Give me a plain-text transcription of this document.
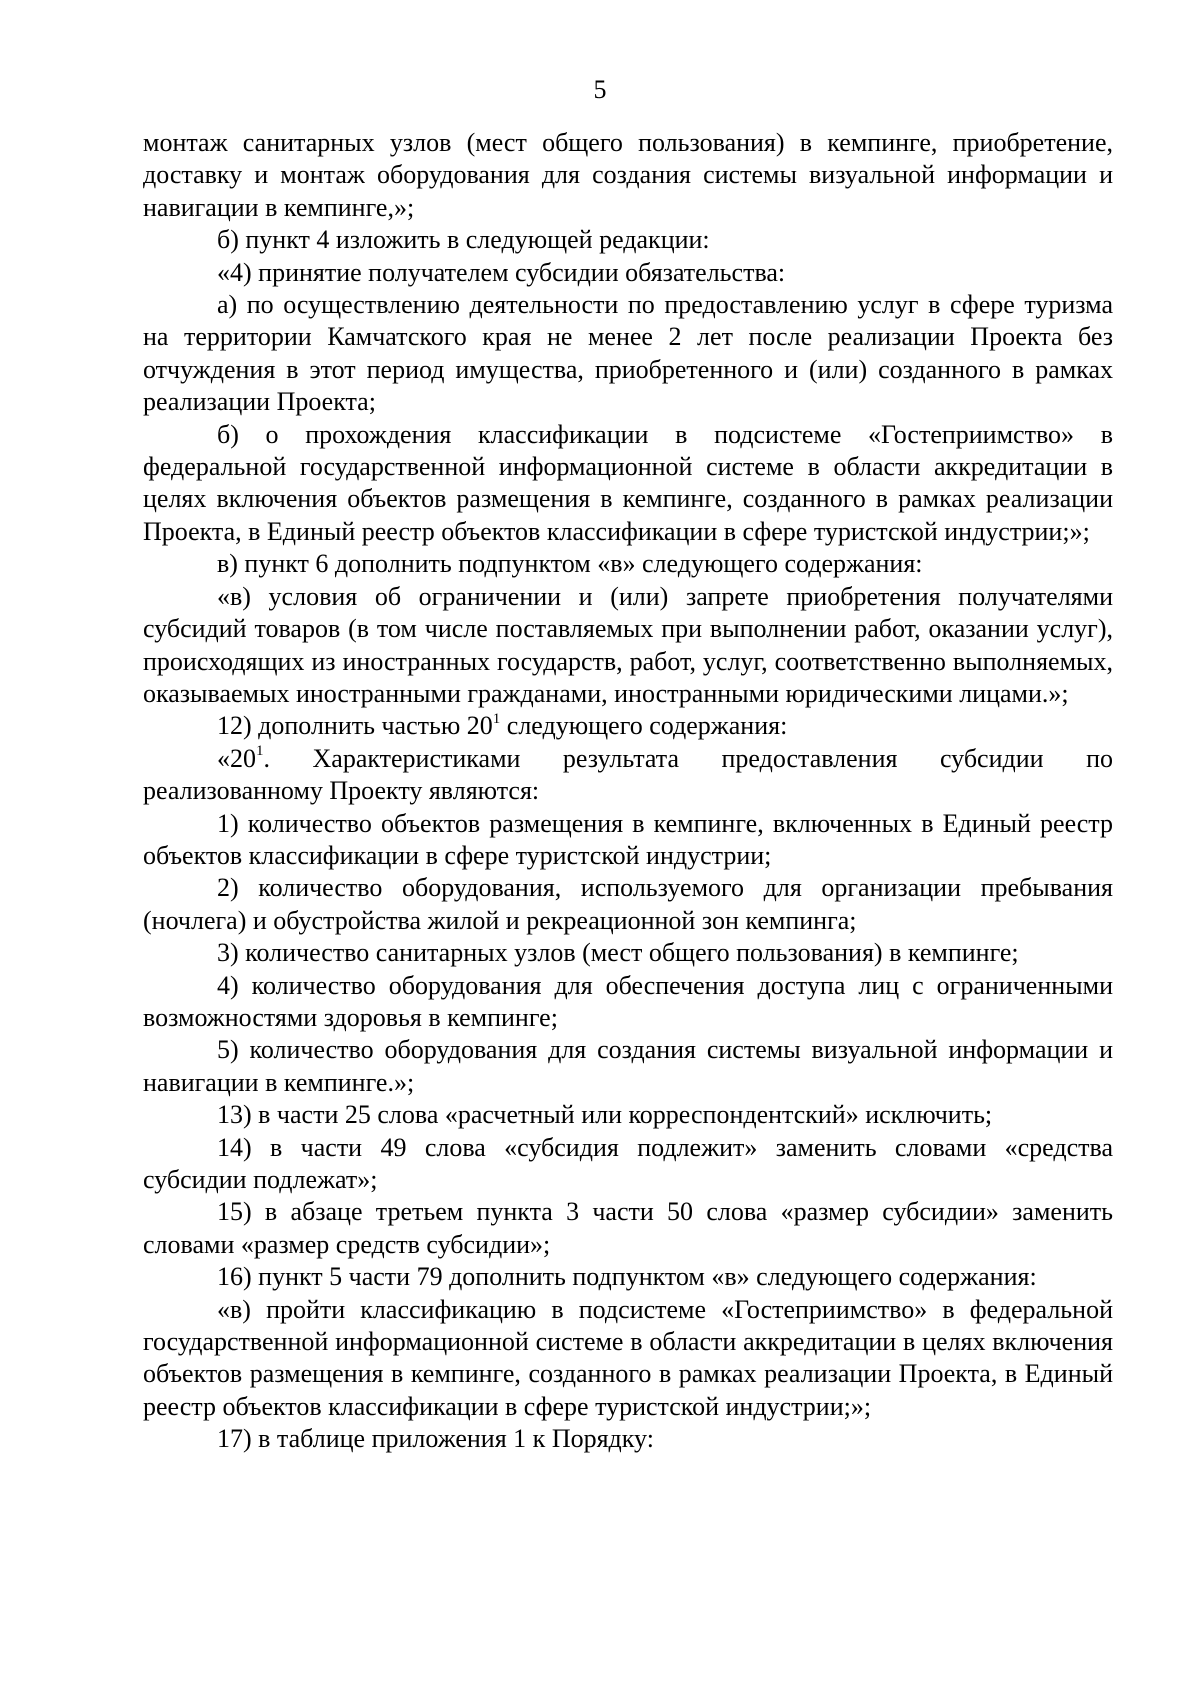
5

монтаж санитарных узлов (мест общего пользования) в кемпинге, приобретение, доставку и монтаж оборудования для создания системы визуальной информации и навигации в кемпинге,»;

б) пункт 4 изложить в следующей редакции:

«4) принятие получателем субсидии обязательства:

а) по осуществлению деятельности по предоставлению услуг в сфере туризма на территории Камчатского края не менее 2 лет после реализации Проекта без отчуждения в этот период имущества, приобретенного и (или) созданного в рамках реализации Проекта;

б) о прохождения классификации в подсистеме «Гостеприимство» в федеральной государственной информационной системе в области аккредитации в целях включения объектов размещения в кемпинге, созданного в рамках реализации Проекта, в Единый реестр объектов классификации в сфере туристской индустрии;»;

в) пункт 6 дополнить подпунктом «в» следующего содержания:

«в) условия об ограничении и (или) запрете приобретения получателями субсидий товаров (в том числе поставляемых при выполнении работ, оказании услуг), происходящих из иностранных государств, работ, услуг, соответственно выполняемых, оказываемых иностранными гражданами, иностранными юридическими лицами.»;

12) дополнить частью $20^1$ следующего содержания:

«$20^1$. Характеристиками результата предоставления субсидии по реализованному Проекту являются:

1) количество объектов размещения в кемпинге, включенных в Единый реестр объектов классификации в сфере туристской индустрии;

2) количество оборудования, используемого для организации пребывания (ночлега) и обустройства жилой и рекреационной зон кемпинга;

3) количество санитарных узлов (мест общего пользования) в кемпинге;

4) количество оборудования для обеспечения доступа лиц с ограниченными возможностями здоровья в кемпинге;

5) количество оборудования для создания системы визуальной информации и навигации в кемпинге.»;

13) в части 25 слова «расчетный или корреспондентский» исключить;

14) в части 49 слова «субсидия подлежит» заменить словами «средства субсидии подлежат»;

15) в абзаце третьем пункта 3 части 50 слова «размер субсидии» заменить словами «размер средств субсидии»;

16) пункт 5 части 79 дополнить подпунктом «в» следующего содержания:

«в) пройти классификацию в подсистеме «Гостеприимство» в федеральной государственной информационной системе в области аккредитации в целях включения объектов размещения в кемпинге, созданного в рамках реализации Проекта, в Единый реестр объектов классификации в сфере туристской индустрии;»;

17) в таблице приложения 1 к Порядку:
